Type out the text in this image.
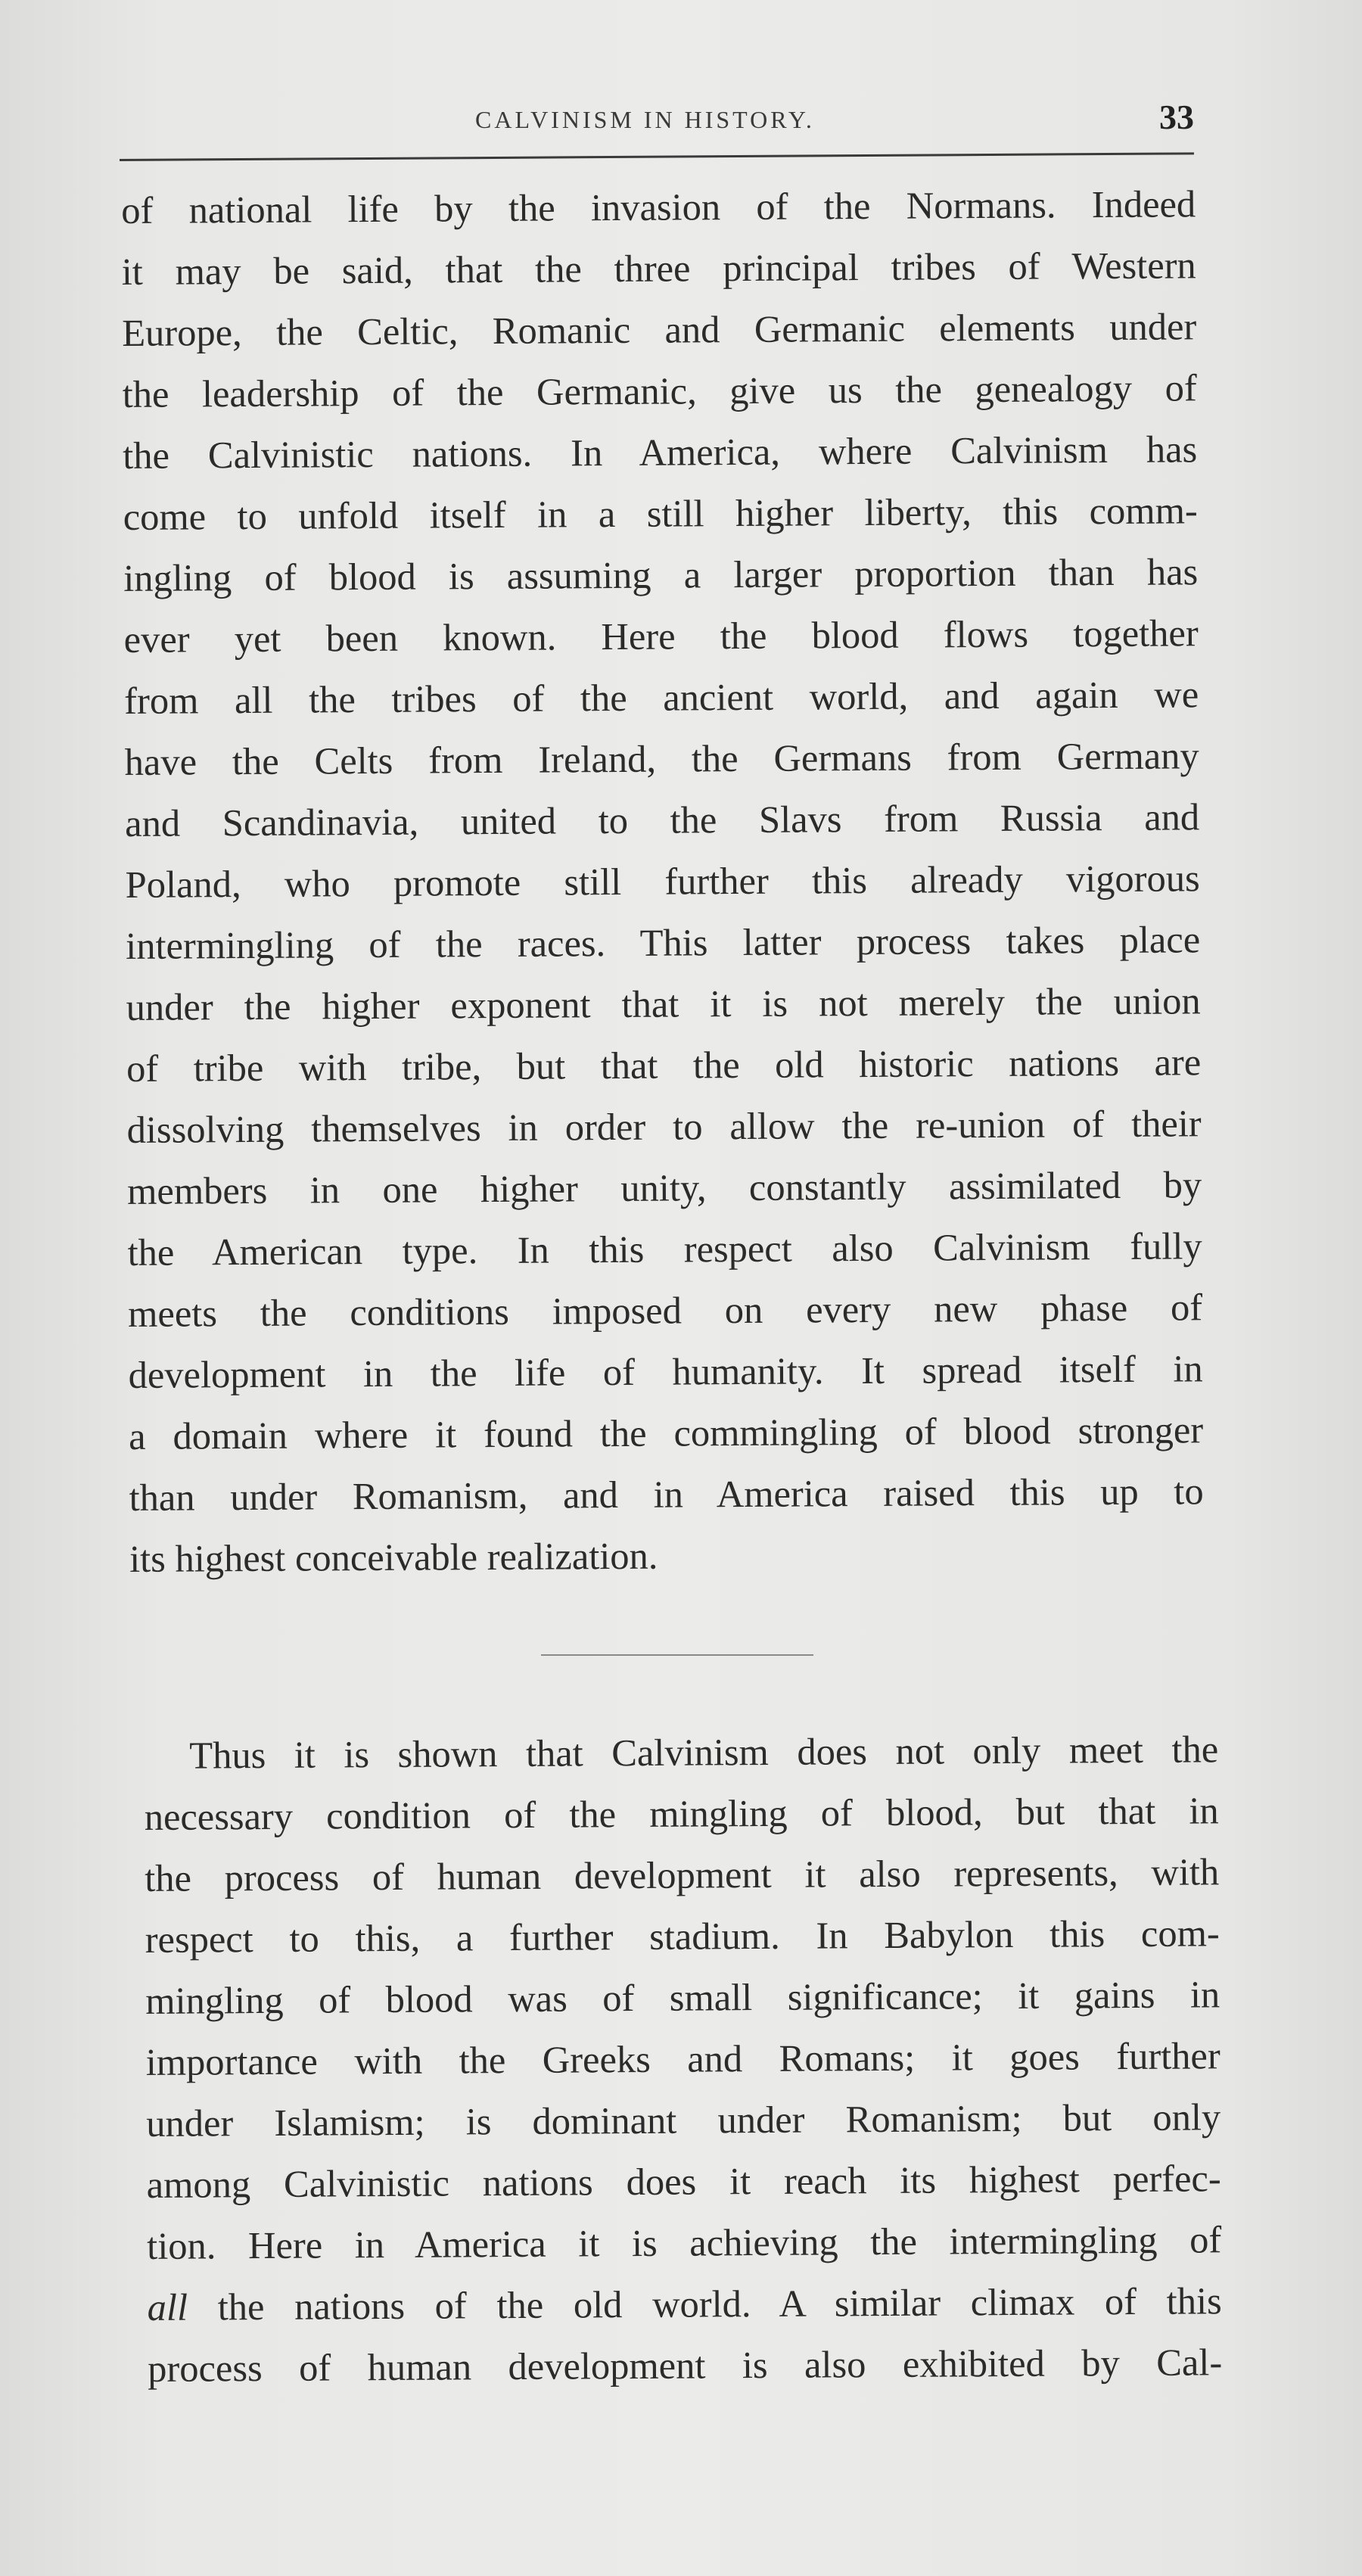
CALVINISM IN HISTORY.	33
of national life by the invasion of the Normans. Indeed
it may be said, that the three principal tribes of Western
Europe, the Celtic, Romanic and Germanic elements under
the leadership of the Germanic, give us the genealogy of
the Calvinistic nations. In America, where Calvinism has
come to unfold itself in a still higher liberty, this comm-
ingling of blood is assuming a larger proportion than has
ever yet been known. Here the blood flows together
from all the tribes of the ancient world, and again we
have the Celts from Ireland, the Germans from Germany
and Scandinavia, united to the Slavs from Russia and
Poland, who promote still further this already vigorous
intermingling of the races. This latter process takes place
under the higher exponent that it is not merely the union
of tribe with tribe, but that the old historic nations are
dissolving themselves in order to allow the re-union of their
members in one higher unity, constantly assimilated by
the American type. In this respect also Calvinism fully
meets the conditions imposed on every new phase of
development in the life of humanity. It spread itself in
a domain where it found the commingling of blood stronger
than under Romanism, and in America raised this up to
its highest conceivable realization.
Thus it is shown that Calvinism does not only meet the
necessary condition of the mingling of blood, but that in
the process of human development it also represents, with
respect to this, a further stadium. In Babylon this com-
mingling of blood was of small significance; it gains in
importance with the Greeks and Romans; it goes further
under Islamism; is dominant under Romanism; but only
among Calvinistic nations does it reach its highest perfec-
tion. Here in America it is achieving the intermingling of
all the nations of the old world. A similar climax of this
process of human development is also exhibited by Cal-
